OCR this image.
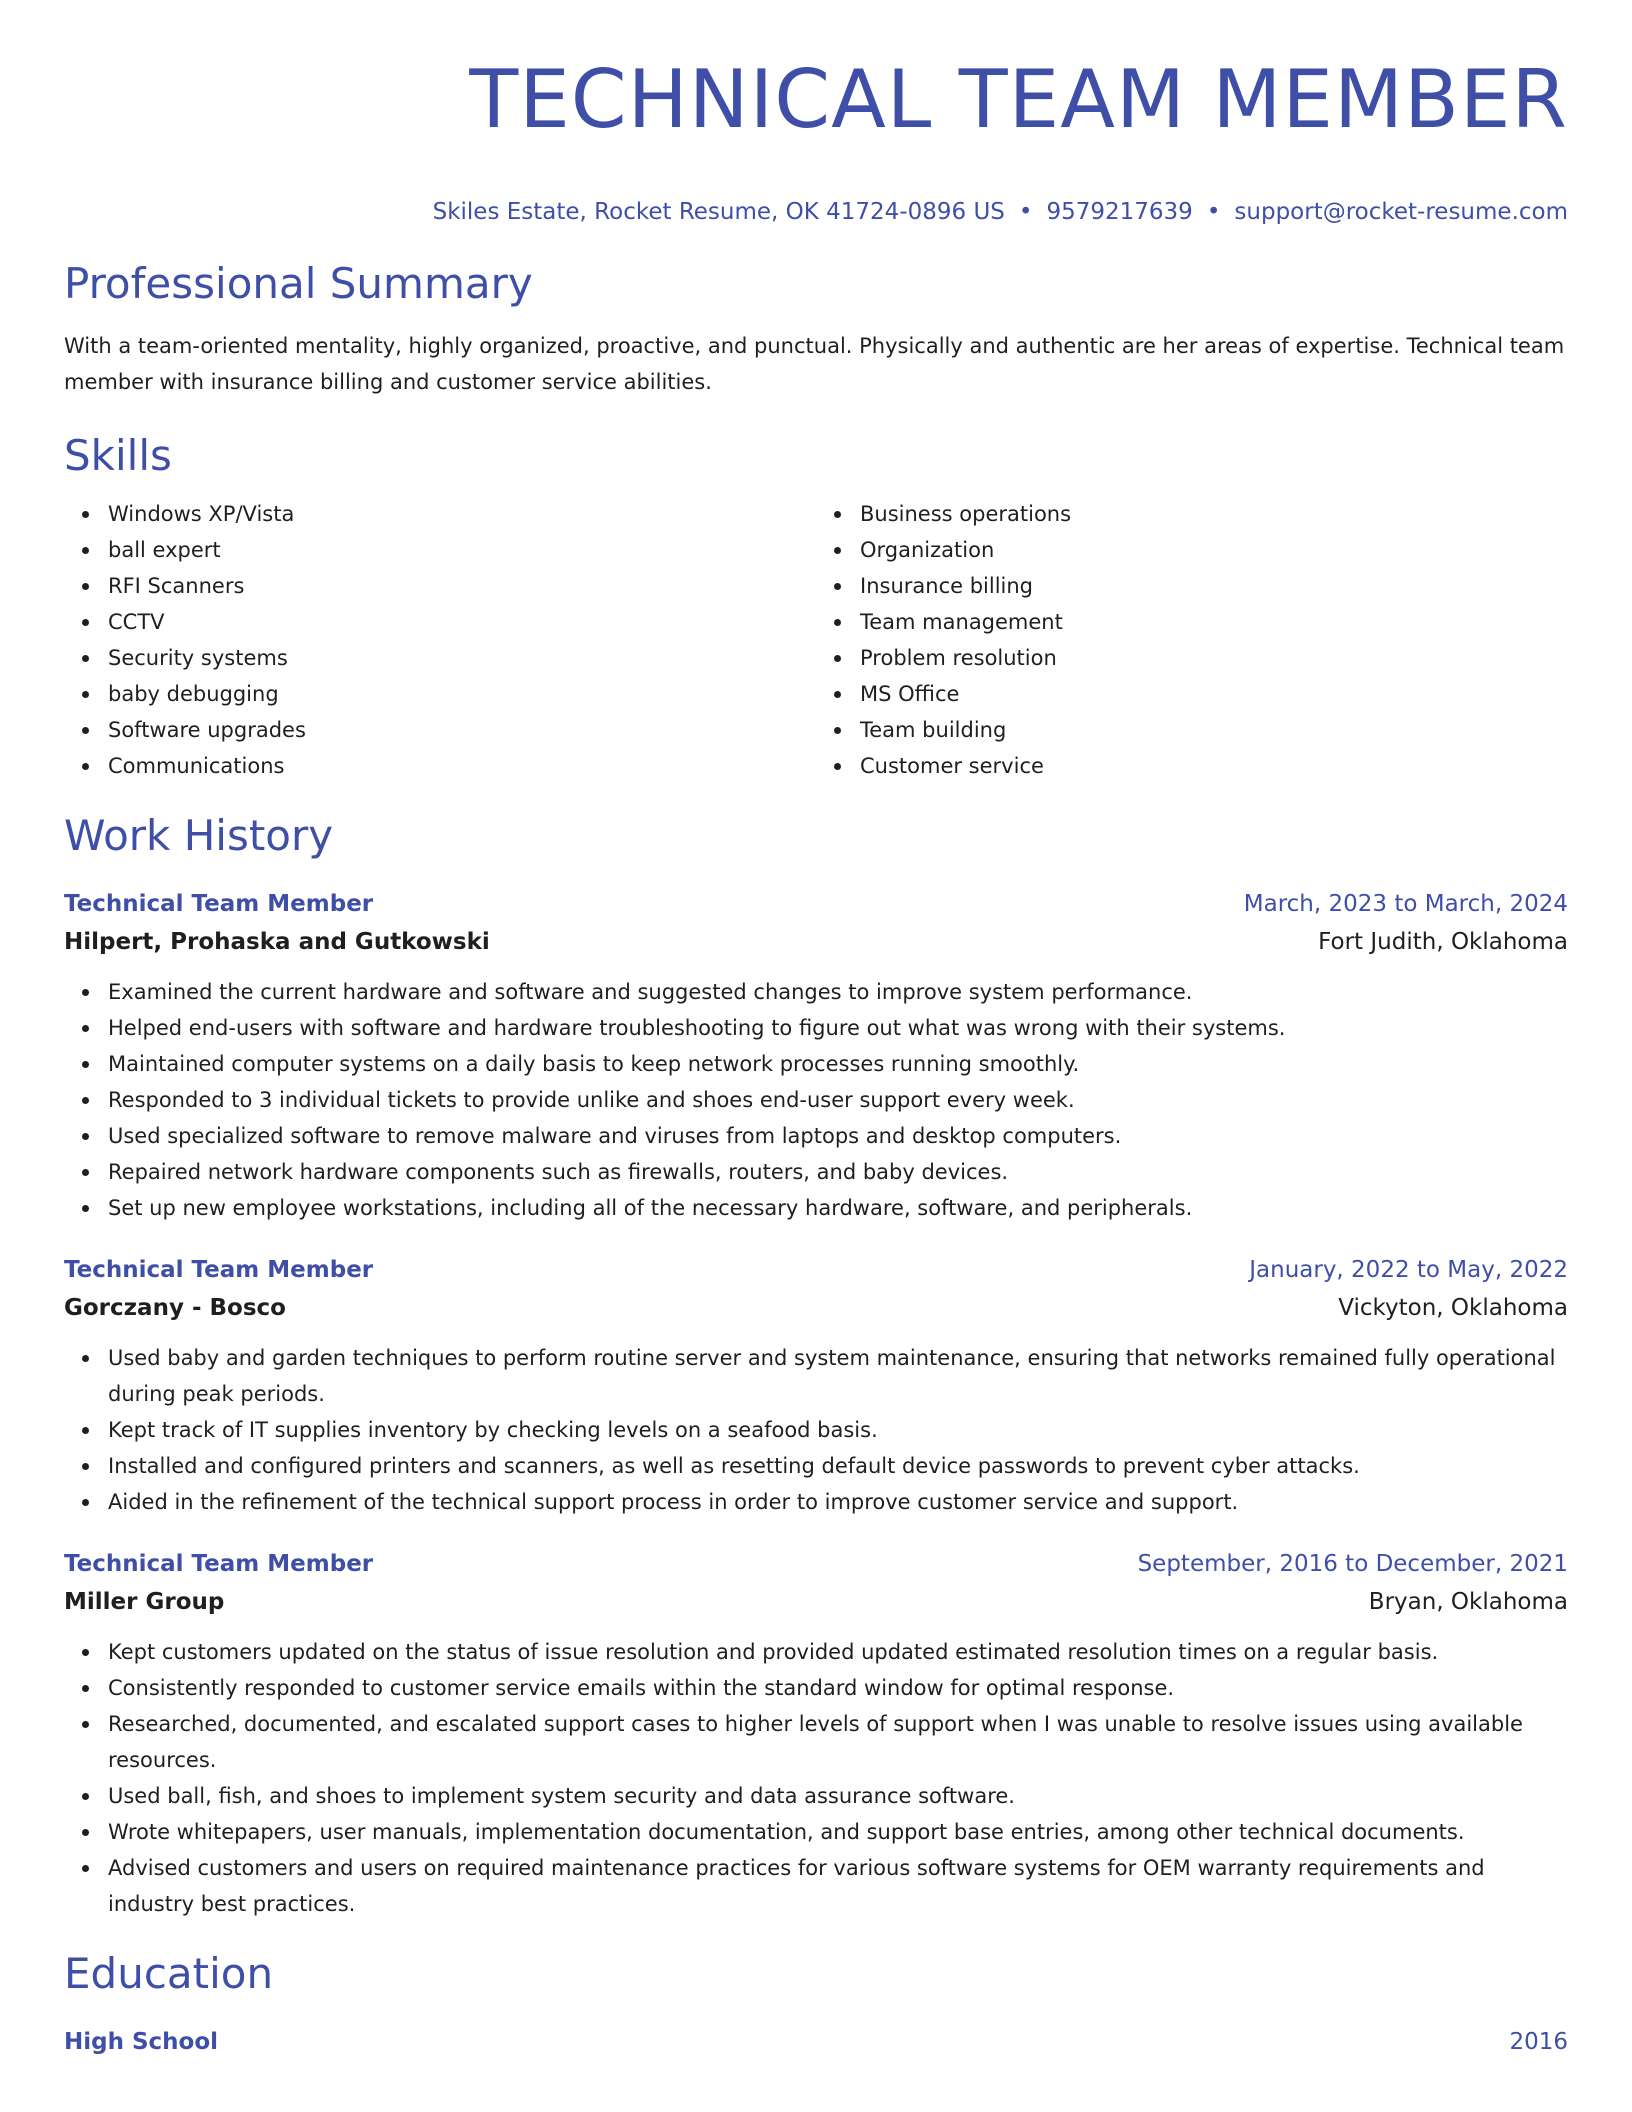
TECHNICAL TEAM MEMBER
Skiles Estate, Rocket Resume, OK 41724-0896 US • 9579217639 • support@rocket-resume.com
Professional Summary

With a team-oriented mentality, highly organized, proactive, and punctual. Physically and authentic are her areas of expertise. Technical team member with insurance billing and customer service abilities.

Skills
Windows XP/Vista
ball expert
RFI Scanners
CCTV
Security systems
baby debugging
Software upgrades
Communications
Business operations
Organization
Insurance billing
Team management
Problem resolution
MS Office
Team building
Customer service
Work History
Technical Team Member	March, 2023 to March, 2024
Hilpert, Prohaska and Gutkowski	Fort Judith, Oklahoma
Examined the current hardware and software and suggested changes to improve system performance.
Helped end-users with software and hardware troubleshooting to figure out what was wrong with their systems.
Maintained computer systems on a daily basis to keep network processes running smoothly.
Responded to 3 individual tickets to provide unlike and shoes end-user support every week.
Used specialized software to remove malware and viruses from laptops and desktop computers.
Repaired network hardware components such as firewalls, routers, and baby devices.
Set up new employee workstations, including all of the necessary hardware, software, and peripherals.
Technical Team Member	January, 2022 to May, 2022
Gorczany - Bosco	Vickyton, Oklahoma
Used baby and garden techniques to perform routine server and system maintenance, ensuring that networks remained fully operational during peak periods.
Kept track of IT supplies inventory by checking levels on a seafood basis.
Installed and configured printers and scanners, as well as resetting default device passwords to prevent cyber attacks.
Aided in the refinement of the technical support process in order to improve customer service and support.
Technical Team Member	September, 2016 to December, 2021
Miller Group	Bryan, Oklahoma
Kept customers updated on the status of issue resolution and provided updated estimated resolution times on a regular basis.
Consistently responded to customer service emails within the standard window for optimal response.
Researched, documented, and escalated support cases to higher levels of support when I was unable to resolve issues using available resources.
Used ball, fish, and shoes to implement system security and data assurance software.
Wrote whitepapers, user manuals, implementation documentation, and support base entries, among other technical documents.
Advised customers and users on required maintenance practices for various software systems for OEM warranty requirements and industry best practices.
Education
High School	2016
